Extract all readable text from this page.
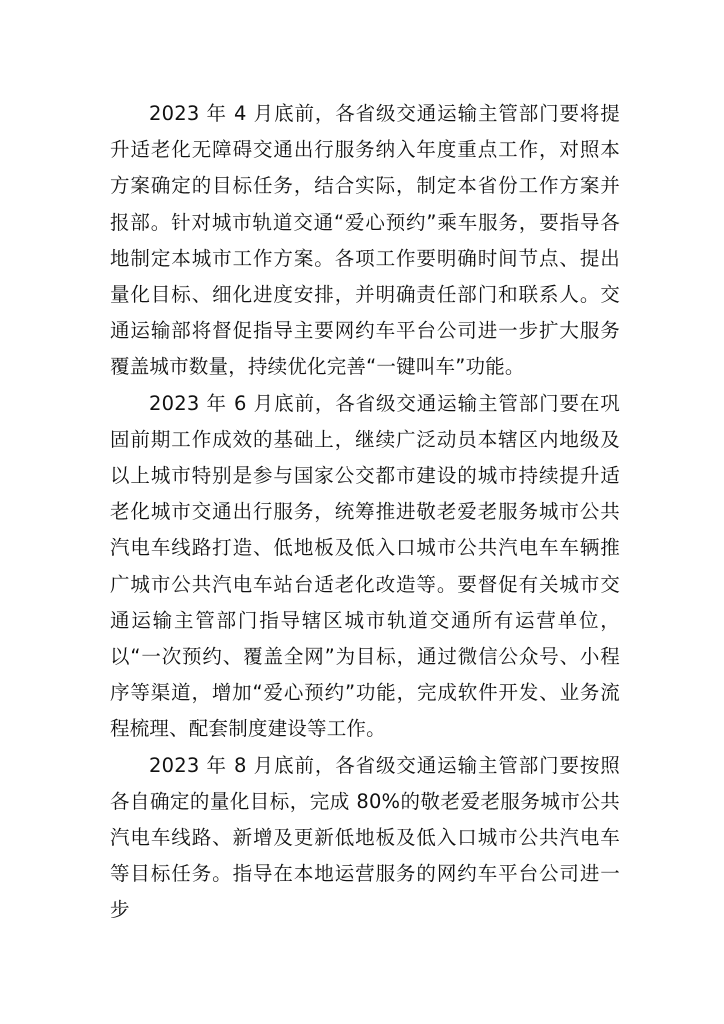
2023 年 4 月底前，各省级交通运输主管部门要将提升适老化无障碍交通出行服务纳入年度重点工作，对照本方案确定的目标任务，结合实际，制定本省份工作方案并报部。针对城市轨道交通“爱心预约”乘车服务，要指导各地制定本城市工作方案。各项工作要明确时间节点、提出量化目标、细化进度安排，并明确责任部门和联系人。交通运输部将督促指导主要网约车平台公司进一步扩大服务覆盖城市数量，持续优化完善“一键叫车”功能。

2023 年 6 月底前，各省级交通运输主管部门要在巩固前期工作成效的基础上，继续广泛动员本辖区内地级及以上城市特别是参与国家公交都市建设的城市持续提升适老化城市交通出行服务，统筹推进敬老爱老服务城市公共汽电车线路打造、低地板及低入口城市公共汽电车车辆推广城市公共汽电车站台适老化改造等。要督促有关城市交通运输主管部门指导辖区城市轨道交通所有运营单位，以“一次预约、覆盖全网”为目标，通过微信公众号、小程序等渠道，增加“爱心预约”功能，完成软件开发、业务流程梳理、配套制度建设等工作。

2023 年 8 月底前，各省级交通运输主管部门要按照各自确定的量化目标，完成 80%的敬老爱老服务城市公共汽电车线路、新增及更新低地板及低入口城市公共汽电车等目标任务。指导在本地运营服务的网约车平台公司进一步
